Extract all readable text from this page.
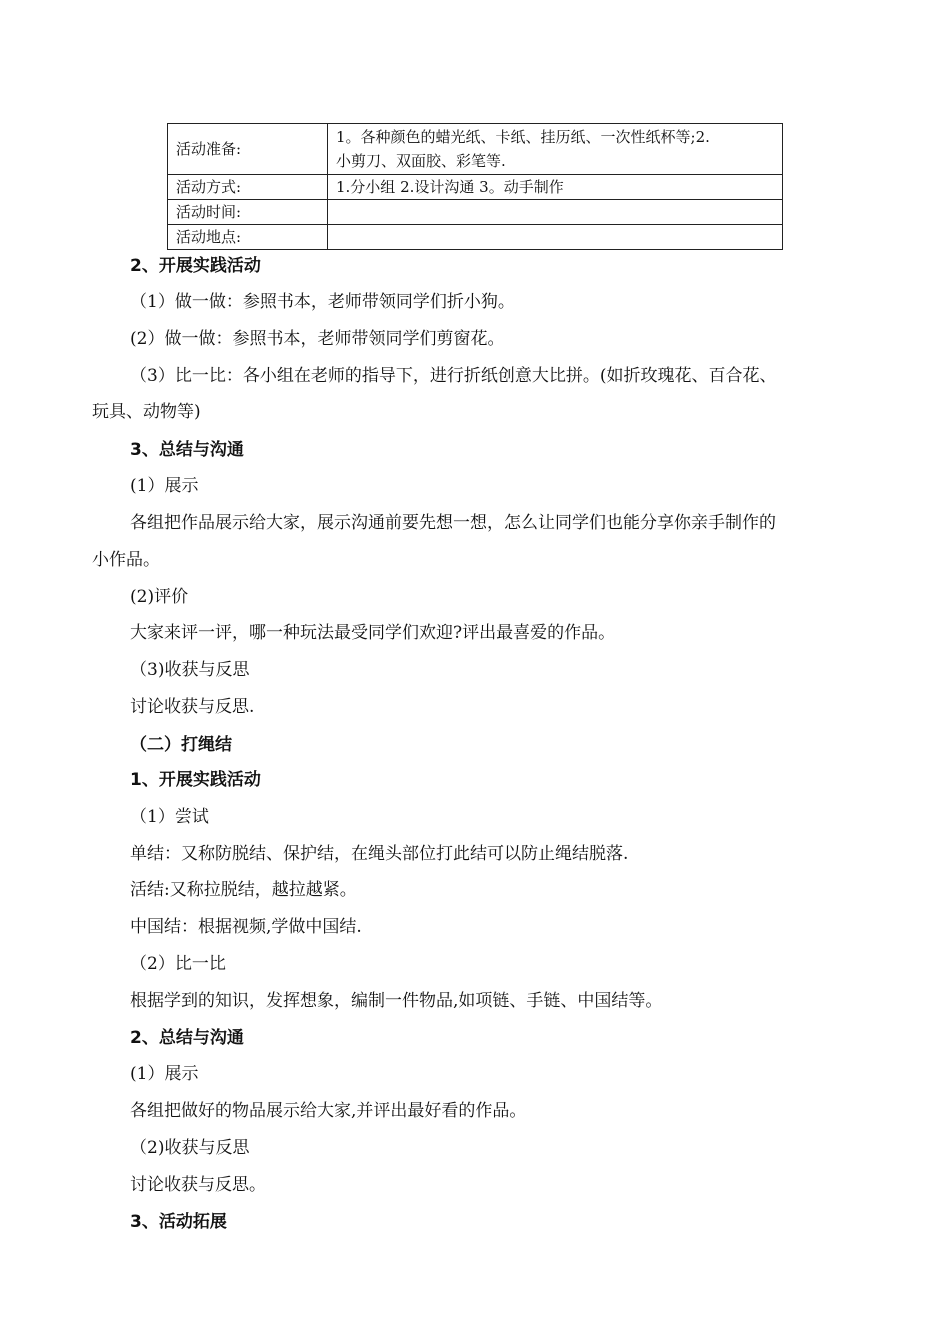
活动准备:	1。各种颜色的蜡光纸、卡纸、挂历纸、一次性纸杯等;2.
小剪刀、双面胶、彩笔等.

活动方式:	1.分小组 2.设计沟通 3。动手制作
活动时间:	
活动地点:	
2、开展实践活动
（1）做一做：参照书本，老师带领同学们折小狗。
(2）做一做：参照书本，老师带领同学们剪窗花。
（3）比一比：各小组在老师的指导下，进行折纸创意大比拼。(如折玫瑰花、百合花、
玩具、动物等)
3、总结与沟通
(1）展示
各组把作品展示给大家，展示沟通前要先想一想，怎么让同学们也能分享你亲手制作的
小作品。
(2)评价
大家来评一评，哪一种玩法最受同学们欢迎?评出最喜爱的作品。
（3)收获与反思
讨论收获与反思.
（二）打绳结
1、开展实践活动
（1）尝试
单结：又称防脱结、保护结，在绳头部位打此结可以防止绳结脱落.
活结:又称拉脱结，越拉越紧。
中国结：根据视频,学做中国结.
（2）比一比
根据学到的知识，发挥想象，编制一件物品,如项链、手链、中国结等。
2、总结与沟通
(1）展示
各组把做好的物品展示给大家,并评出最好看的作品。
（2)收获与反思
讨论收获与反思。
3、活动拓展
